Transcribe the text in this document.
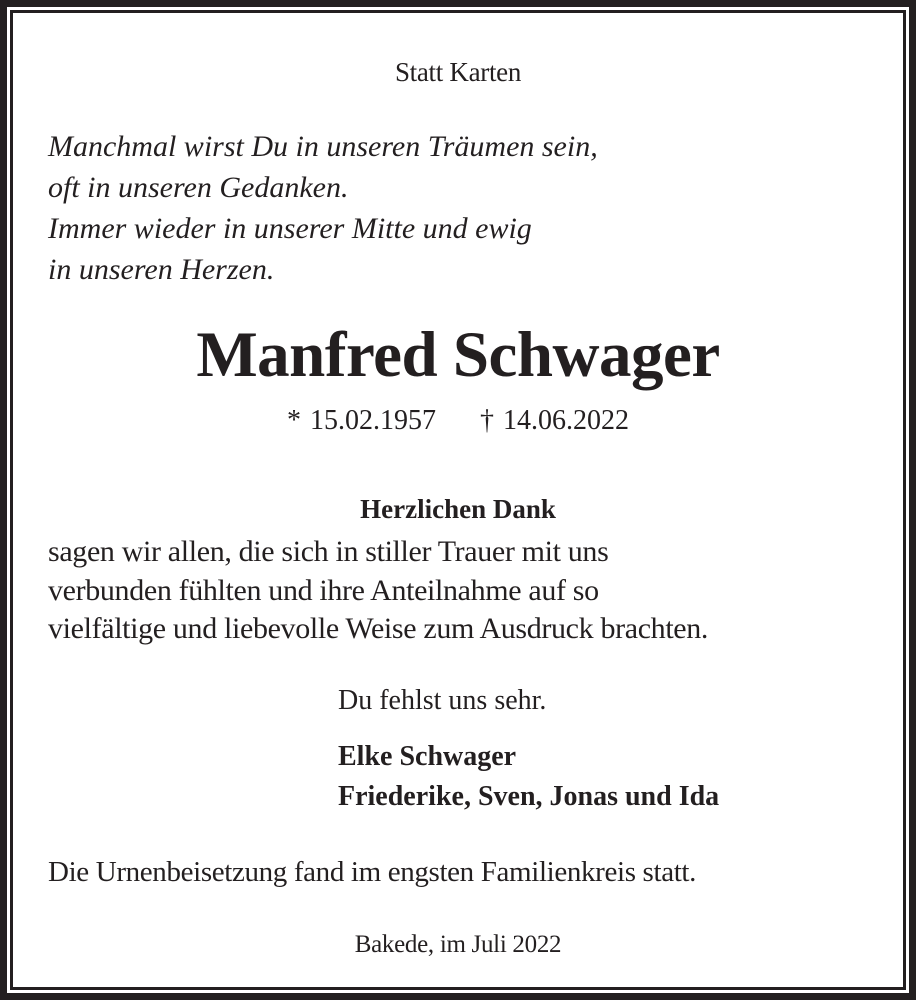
Statt Karten
Manchmal wirst Du in unseren Träumen sein,
oft in unseren Gedanken.
Immer wieder in unserer Mitte und ewig
in unseren Herzen.
Manfred Schwager
* 15.02.1957 † 14.06.2022
Herzlichen Dank
sagen wir allen, die sich in stiller Trauer mit uns
verbunden fühlten und ihre Anteilnahme auf so
vielfältige und liebevolle Weise zum Ausdruck brachten.
Du fehlst uns sehr.
Elke Schwager
Friederike, Sven, Jonas und Ida
Die Urnenbeisetzung fand im engsten Familienkreis statt.
Bakede, im Juli 2022
